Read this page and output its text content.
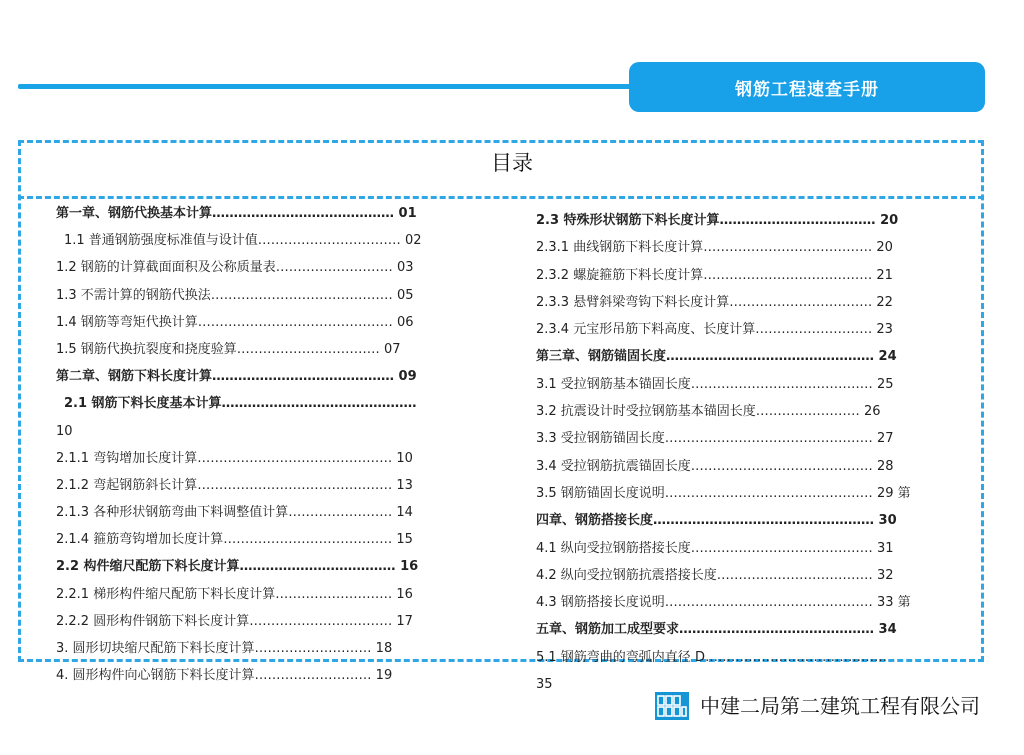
钢筋工程速查手册
目录
第一章、钢筋代换基本计算…………………………………… 01
1.1 普通钢筋强度标准值与设计值…………………………… 02
1.2 钢筋的计算截面面积及公称质量表……………………… 03
1.3 不需计算的钢筋代换法…………………………………… 05
1.4 钢筋等弯矩代换计算……………………………………… 06
1.5 钢筋代换抗裂度和挠度验算…………………………… 07
第二章、钢筋下料长度计算…………………………………… 09
2.1 钢筋下料长度基本计算………………………………………
10
2.1.1 弯钩增加长度计算……………………………………… 10
2.1.2 弯起钢筋斜长计算……………………………………… 13
2.1.3 各种形状钢筋弯曲下料调整值计算…………………… 14
2.1.4 箍筋弯钩增加长度计算………………………………… 15
2.2 构件缩尺配筋下料长度计算……………………………… 16
2.2.1 梯形构件缩尺配筋下料长度计算……………………… 16
2.2.2 圆形构件钢筋下料长度计算…………………………… 17
3. 圆形切块缩尺配筋下料长度计算……………………… 18
4. 圆形构件向心钢筋下料长度计算……………………… 19
2.3 特殊形状钢筋下料长度计算……………………………… 20
2.3.1 曲线钢筋下料长度计算………………………………… 20
2.3.2 螺旋箍筋下料长度计算………………………………… 21
2.3.3 悬臂斜梁弯钩下料长度计算…………………………… 22
2.3.4 元宝形吊筋下料高度、长度计算……………………… 23
第三章、钢筋锚固长度………………………………………… 24
3.1 受拉钢筋基本锚固长度…………………………………… 25
3.2 抗震设计时受拉钢筋基本锚固长度…………………… 26
3.3 受拉钢筋锚固长度………………………………………… 27
3.4 受拉钢筋抗震锚固长度…………………………………… 28
3.5 钢筋锚固长度说明………………………………………… 29 第
四章、钢筋搭接长度…………………………………………… 30
4.1 纵向受拉钢筋搭接长度…………………………………… 31
4.2 纵向受拉钢筋抗震搭接长度……………………………… 32
4.3 钢筋搭接长度说明………………………………………… 33 第
五章、钢筋加工成型要求……………………………………… 34
5.1 钢筋弯曲的弯弧内直径 D……………………………………
35
中建二局第二建筑工程有限公司
